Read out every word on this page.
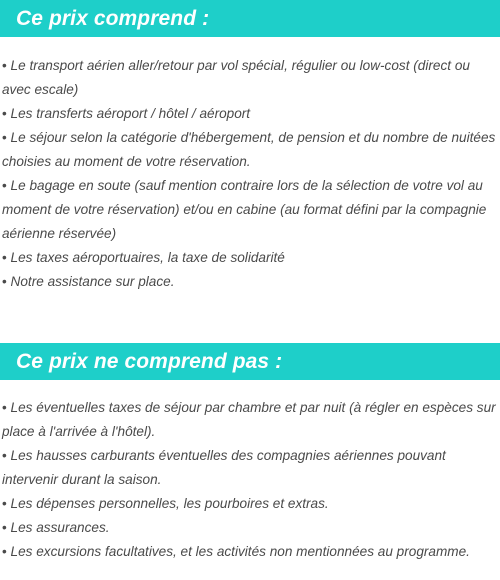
Ce prix comprend :
• Le transport aérien aller/retour par vol spécial, régulier ou low-cost (direct ou avec escale)
• Les transferts aéroport / hôtel / aéroport
• Le séjour selon la catégorie d'hébergement, de pension et du nombre de nuitées choisies au moment de votre réservation.
• Le bagage en soute (sauf mention contraire lors de la sélection de votre vol au moment de votre réservation) et/ou en cabine (au format défini par la compagnie aérienne réservée)
• Les taxes aéroportuaires, la taxe de solidarité
• Notre assistance sur place.
Ce prix ne comprend pas :
• Les éventuelles taxes de séjour par chambre et par nuit (à régler en espèces sur place à l'arrivée à l'hôtel).
• Les hausses carburants éventuelles des compagnies aériennes pouvant intervenir durant la saison.
• Les dépenses personnelles, les pourboires et extras.
• Les assurances.
• Les excursions facultatives, et les activités non mentionnées au programme.
